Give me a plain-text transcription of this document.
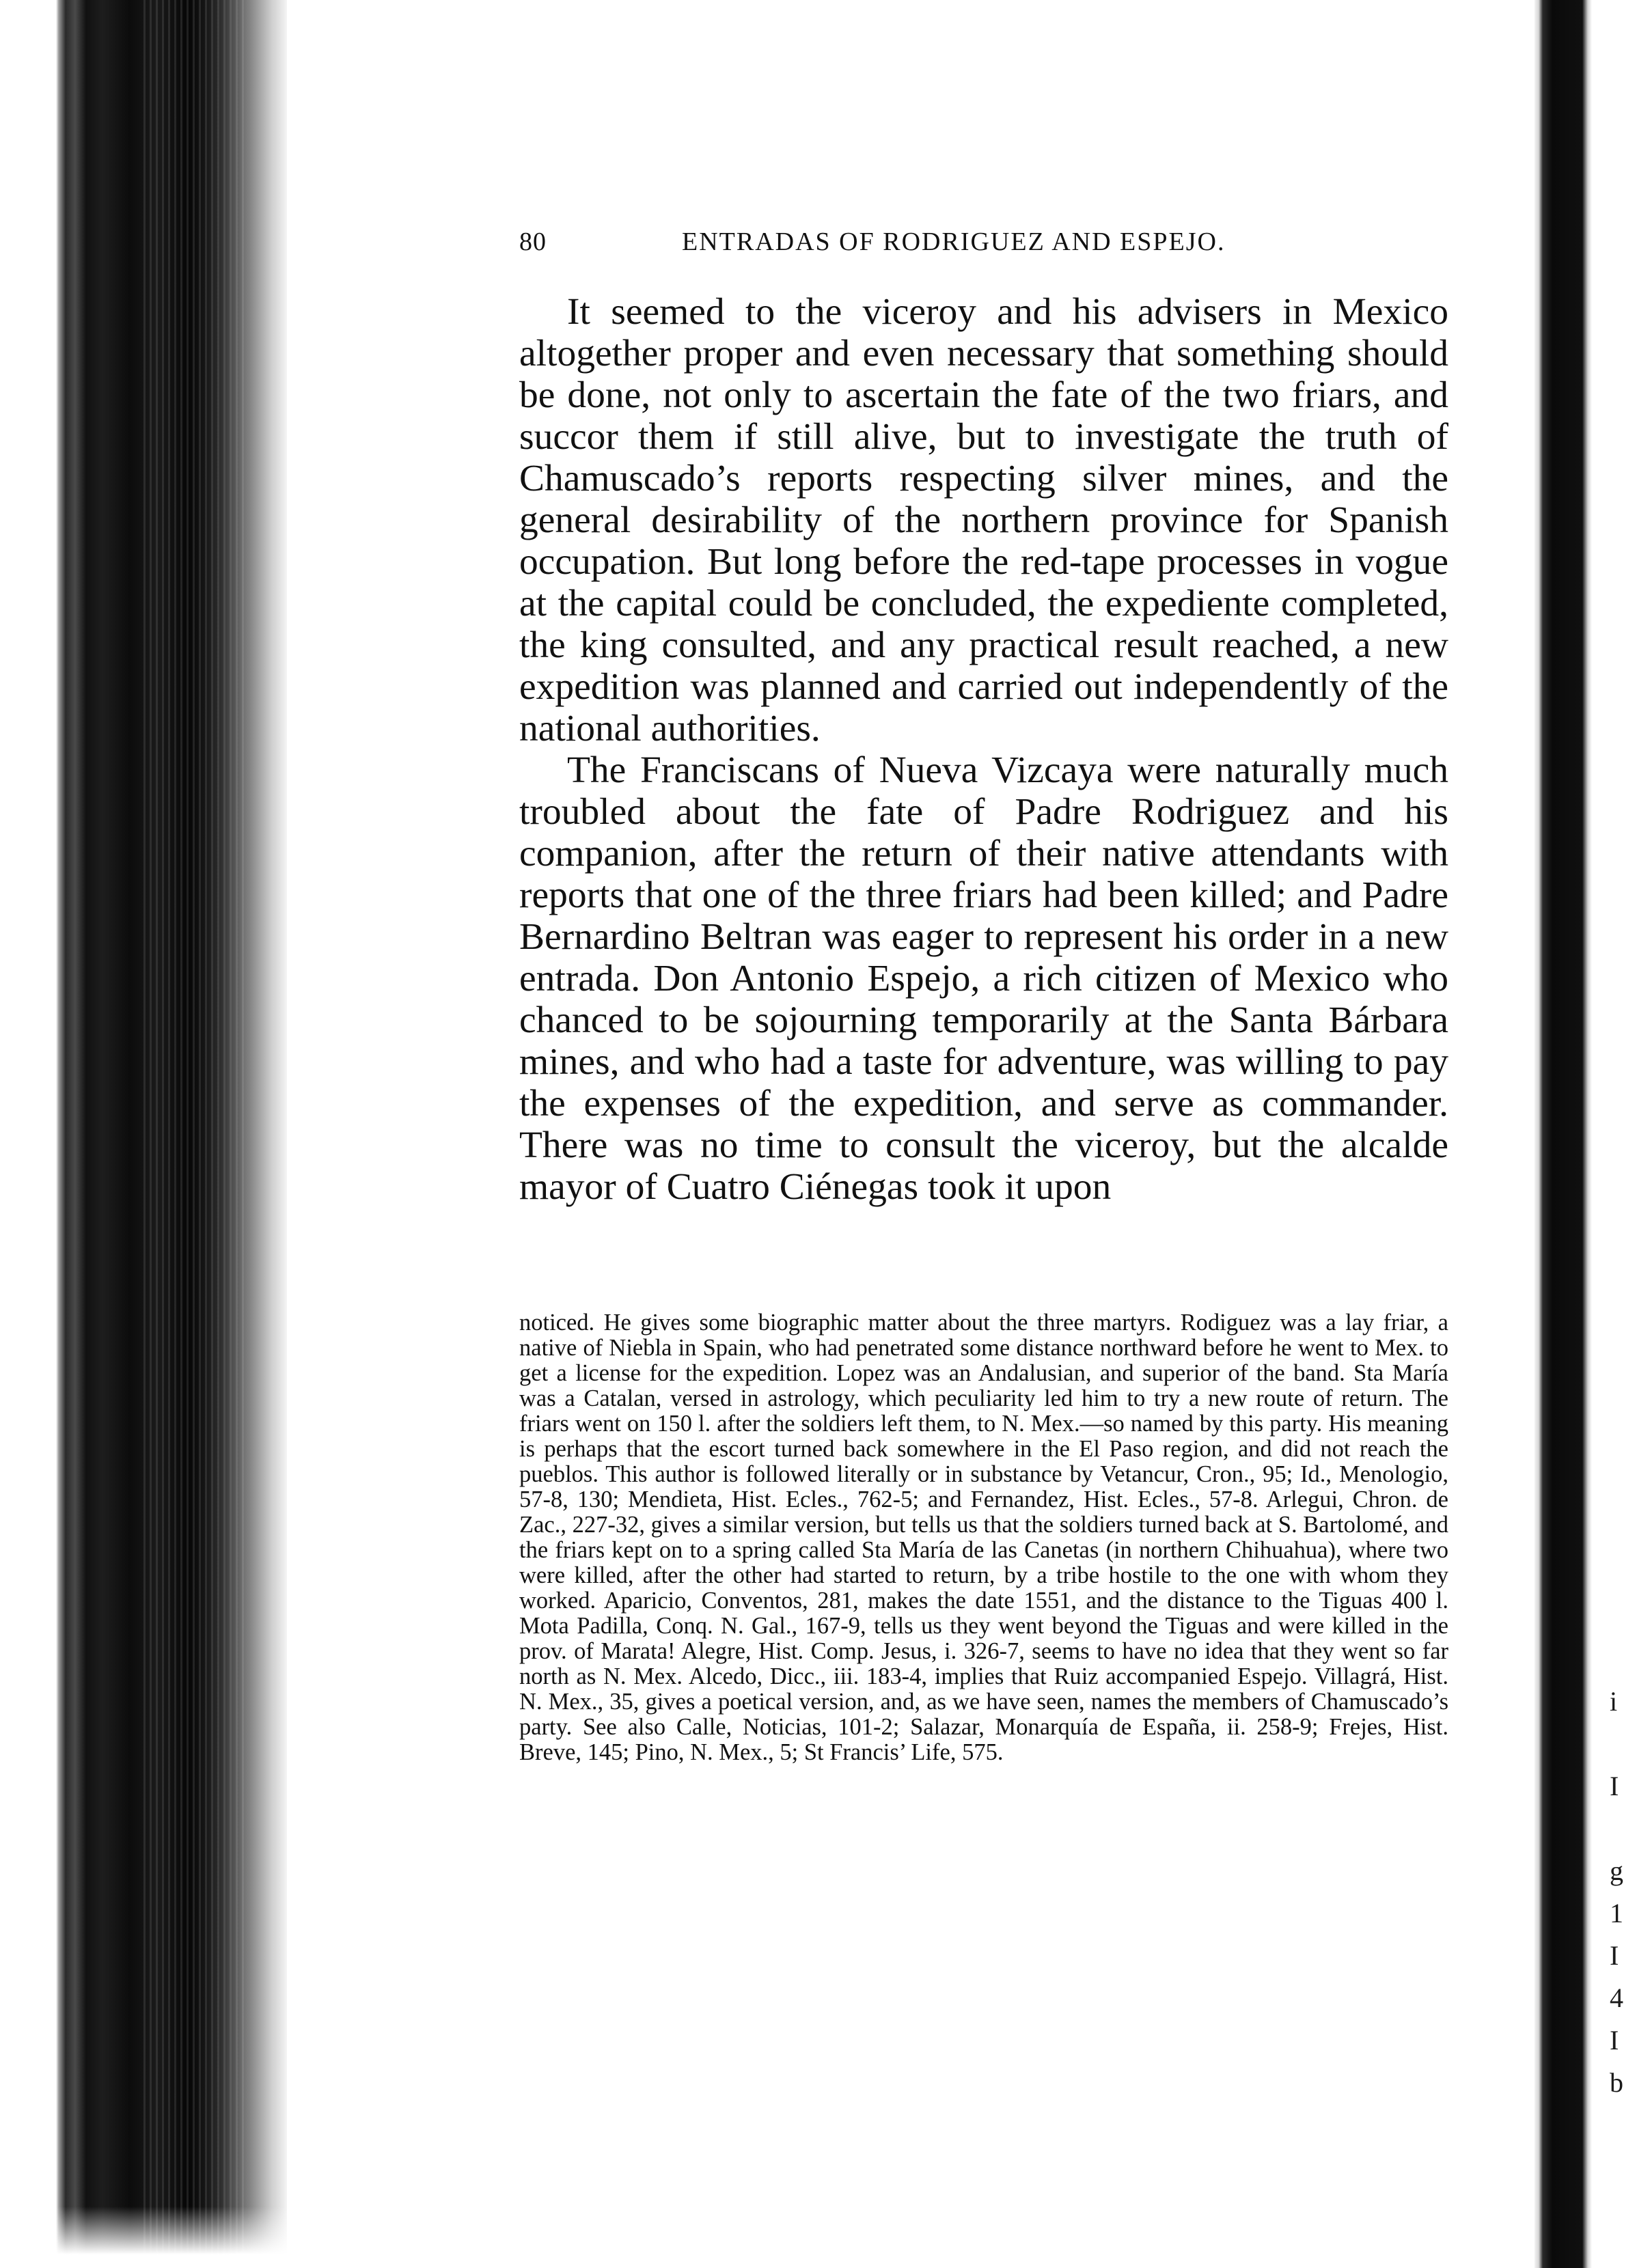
i

I

g
1
I
4
I
b
80	ENTRADAS OF RODRIGUEZ AND ESPEJO.

It seemed to the viceroy and his advisers in Mexico altogether proper and even necessary that something should be done, not only to ascertain the fate of the two friars, and succor them if still alive, but to investigate the truth of Chamuscado’s reports respecting silver mines, and the general desirability of the northern province for Spanish occupation. But long before the red-tape processes in vogue at the capital could be concluded, the expediente completed, the king consulted, and any practical result reached, a new expedition was planned and carried out independently of the national authorities.

The Franciscans of Nueva Vizcaya were naturally much troubled about the fate of Padre Rodriguez and his companion, after the return of their native attendants with reports that one of the three friars had been killed; and Padre Bernardino Beltran was eager to represent his order in a new entrada. Don Antonio Espejo, a rich citizen of Mexico who chanced to be sojourning temporarily at the Santa Bárbara mines, and who had a taste for adventure, was willing to pay the expenses of the expedition, and serve as commander. There was no time to consult the viceroy, but the alcalde mayor of Cuatro Ciénegas took it upon

noticed. He gives some biographic matter about the three martyrs. Rodiguez was a lay friar, a native of Niebla in Spain, who had penetrated some distance northward before he went to Mex. to get a license for the expedition. Lopez was an Andalusian, and superior of the band. Sta María was a Catalan, versed in astrology, which peculiarity led him to try a new route of return. The friars went on 150 l. after the soldiers left them, to N. Mex.—so named by this party. His meaning is perhaps that the escort turned back somewhere in the El Paso region, and did not reach the pueblos. This author is followed literally or in substance by Vetancur, Cron., 95; Id., Menologio, 57-8, 130; Mendieta, Hist. Ecles., 762-5; and Fernandez, Hist. Ecles., 57-8. Arlegui, Chron. de Zac., 227-32, gives a similar version, but tells us that the soldiers turned back at S. Bartolomé, and the friars kept on to a spring called Sta María de las Canetas (in northern Chihuahua), where two were killed, after the other had started to return, by a tribe hostile to the one with whom they worked. Aparicio, Conventos, 281, makes the date 1551, and the distance to the Tiguas 400 l. Mota Padilla, Conq. N. Gal., 167-9, tells us they went beyond the Tiguas and were killed in the prov. of Marata! Alegre, Hist. Comp. Jesus, i. 326-7, seems to have no idea that they went so far north as N. Mex. Alcedo, Dicc., iii. 183-4, implies that Ruiz accompanied Espejo. Villagrá, Hist. N. Mex., 35, gives a poetical version, and, as we have seen, names the members of Chamuscado’s party. See also Calle, Noticias, 101-2; Salazar, Monarquía de España, ii. 258-9; Frejes, Hist. Breve, 145; Pino, N. Mex., 5; St Francis’ Life, 575.
